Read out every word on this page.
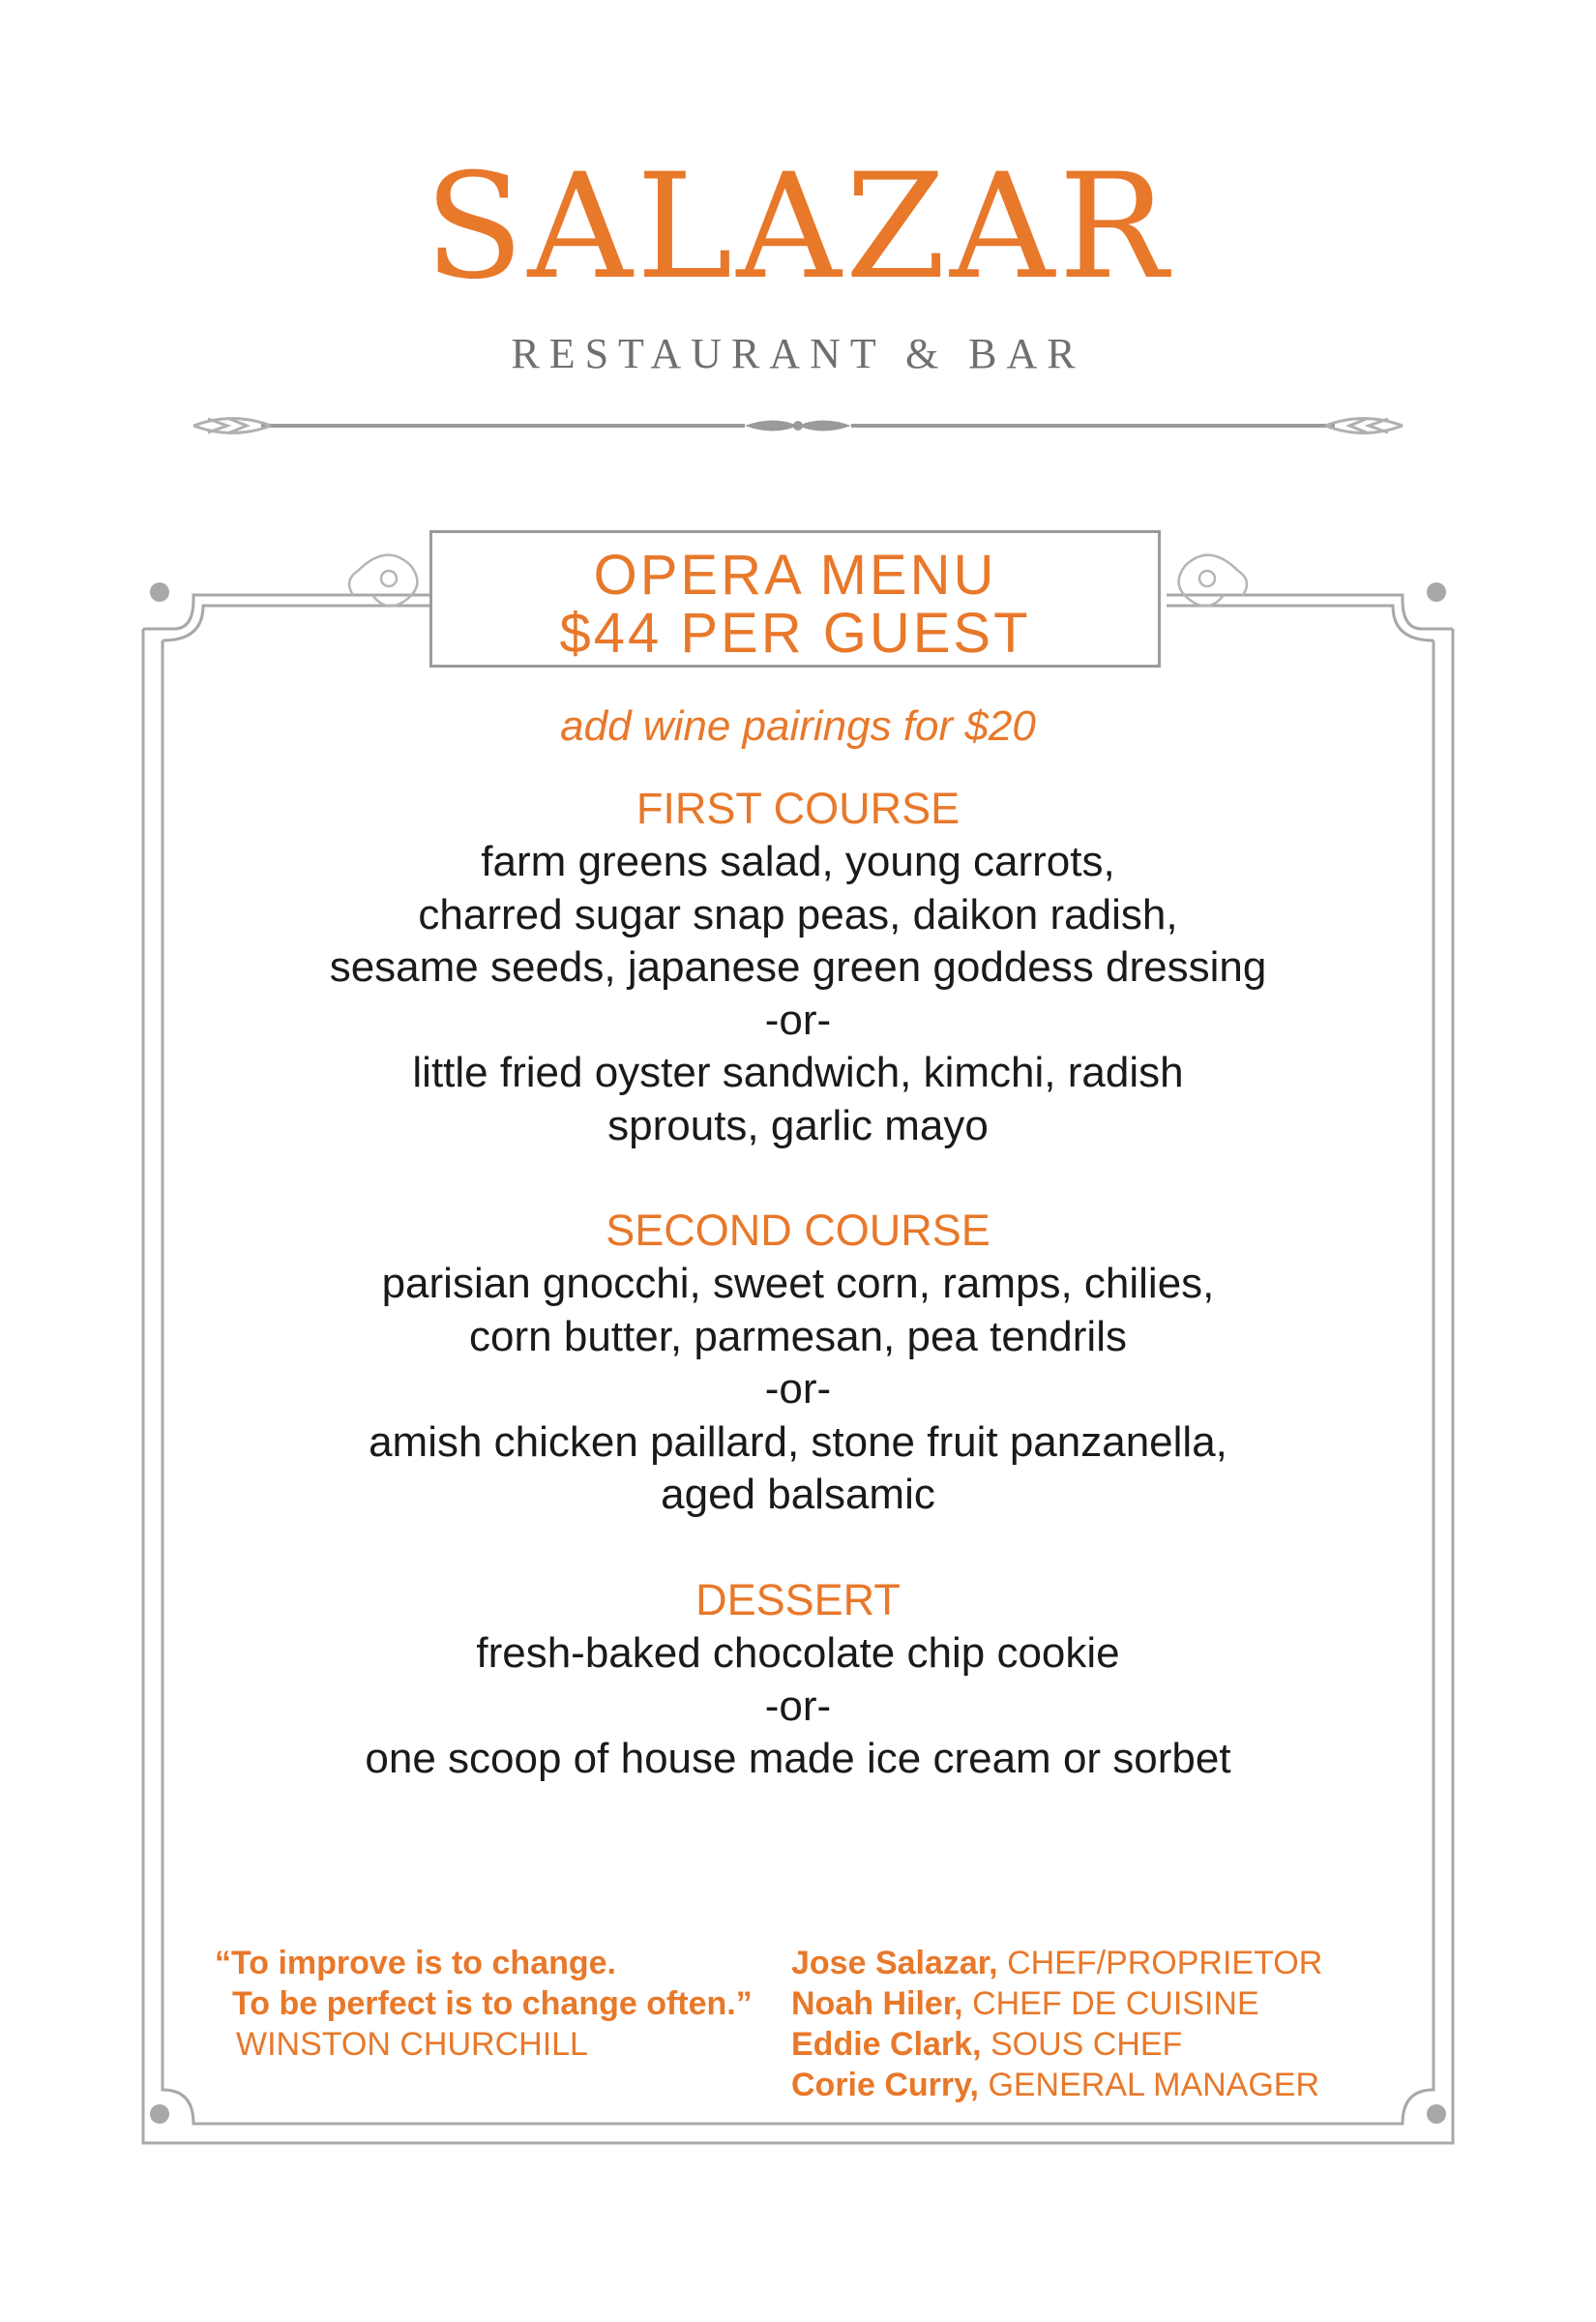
SALAZAR
RESTAURANT & BAR
OPERA MENU
$44 PER GUEST
add wine pairings for $20
FIRST COURSE
farm greens salad, young carrots,
charred sugar snap peas, daikon radish,
sesame seeds, japanese green goddess dressing
-or-
little fried oyster sandwich, kimchi, radish
sprouts, garlic mayo
SECOND COURSE
parisian gnocchi, sweet corn, ramps, chilies,
corn butter, parmesan, pea tendrils
-or-
amish chicken paillard, stone fruit panzanella,
aged balsamic
DESSERT
fresh-baked chocolate chip cookie
-or-
one scoop of house made ice cream or sorbet
“To improve is to change.
To be perfect is to change often.”
WINSTON CHURCHILL
Jose Salazar, CHEF/PROPRIETOR
Noah Hiler, CHEF DE CUISINE
Eddie Clark, SOUS CHEF
Corie Curry, GENERAL MANAGER
